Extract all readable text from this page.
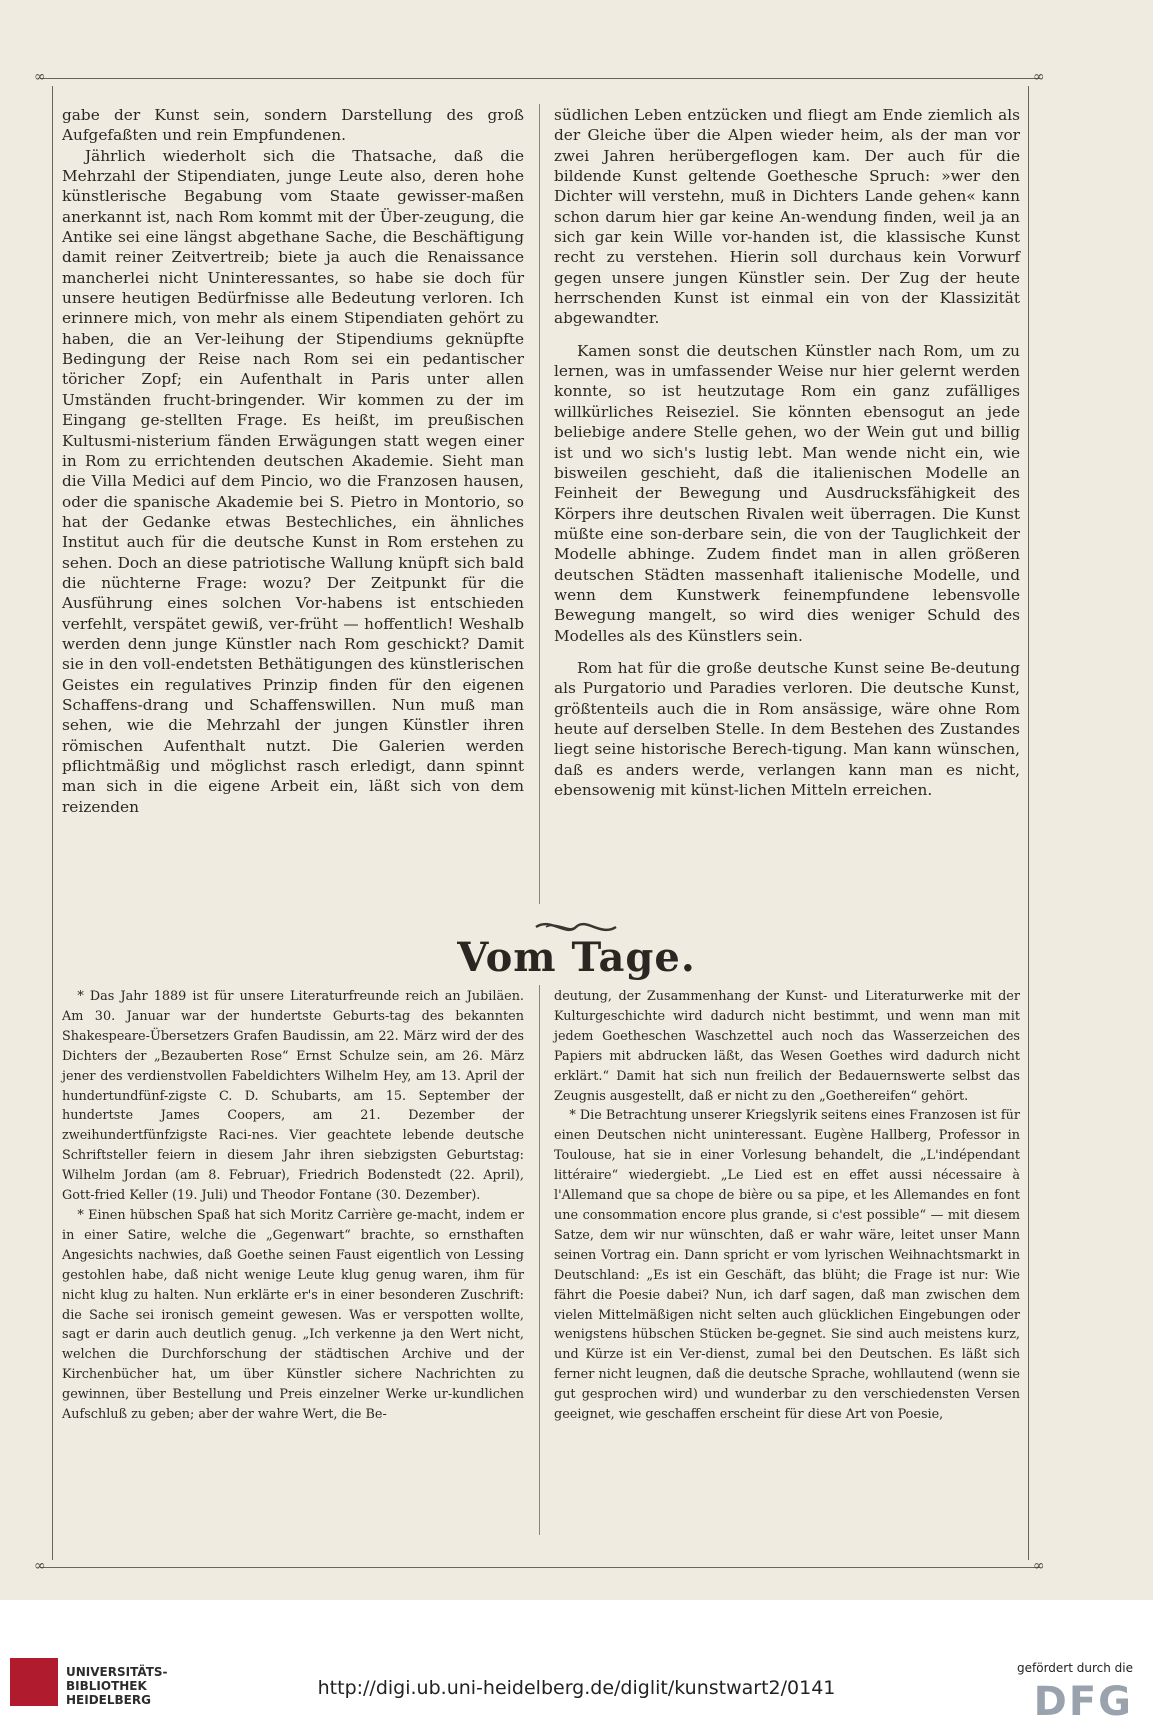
∞	∞
∞	∞

gabe der Kunst sein, sondern Darstellung des groß Aufgefaßten und rein Empfundenen.

Jährlich wiederholt sich die Thatsache, daß die Mehrzahl der Stipendiaten, junge Leute also, deren hohe künstlerische Begabung vom Staate gewisser-maßen anerkannt ist, nach Rom kommt mit der Über-zeugung, die Antike sei eine längst abgethane Sache, die Beschäftigung damit reiner Zeitvertreib; biete ja auch die Renaissance mancherlei nicht Uninteressantes, so habe sie doch für unsere heutigen Bedürfnisse alle Bedeutung verloren. Ich erinnere mich, von mehr als einem Stipendiaten gehört zu haben, die an Ver-leihung der Stipendiums geknüpfte Bedingung der Reise nach Rom sei ein pedantischer töricher Zopf; ein Aufenthalt in Paris unter allen Umständen frucht-bringender. Wir kommen zu der im Eingang ge-stellten Frage. Es heißt, im preußischen Kultusmi-nisterium fänden Erwägungen statt wegen einer in Rom zu errichtenden deutschen Akademie. Sieht man die Villa Medici auf dem Pincio, wo die Franzosen hausen, oder die spanische Akademie bei S. Pietro in Montorio, so hat der Gedanke etwas Bestechliches, ein ähnliches Institut auch für die deutsche Kunst in Rom erstehen zu sehen. Doch an diese patriotische Wallung knüpft sich bald die nüchterne Frage: wozu? Der Zeitpunkt für die Ausführung eines solchen Vor-habens ist entschieden verfehlt, verspätet gewiß, ver-früht — hoffentlich! Weshalb werden denn junge Künstler nach Rom geschickt? Damit sie in den voll-endetsten Bethätigungen des künstlerischen Geistes ein regulatives Prinzip finden für den eigenen Schaffens-drang und Schaffenswillen. Nun muß man sehen, wie die Mehrzahl der jungen Künstler ihren römischen Aufenthalt nutzt. Die Galerien werden pflichtmäßig und möglichst rasch erledigt, dann spinnt man sich in die eigene Arbeit ein, läßt sich von dem reizenden

südlichen Leben entzücken und fliegt am Ende ziemlich als der Gleiche über die Alpen wieder heim, als der man vor zwei Jahren herübergeflogen kam. Der auch für die bildende Kunst geltende Goethesche Spruch: »wer den Dichter will verstehn, muß in Dichters Lande gehen« kann schon darum hier gar keine An-wendung finden, weil ja an sich gar kein Wille vor-handen ist, die klassische Kunst recht zu verstehen. Hierin soll durchaus kein Vorwurf gegen unsere jungen Künstler sein. Der Zug der heute herrschenden Kunst ist einmal ein von der Klassizität abgewandter.

Kamen sonst die deutschen Künstler nach Rom, um zu lernen, was in umfassender Weise nur hier gelernt werden konnte, so ist heutzutage Rom ein ganz zufälliges willkürliches Reiseziel. Sie könnten ebensogut an jede beliebige andere Stelle gehen, wo der Wein gut und billig ist und wo sich's lustig lebt. Man wende nicht ein, wie bisweilen geschieht, daß die italienischen Modelle an Feinheit der Bewegung und Ausdrucksfähigkeit des Körpers ihre deutschen Rivalen weit überragen. Die Kunst müßte eine son-derbare sein, die von der Tauglichkeit der Modelle abhinge. Zudem findet man in allen größeren deutschen Städten massenhaft italienische Modelle, und wenn dem Kunstwerk feinempfundene lebensvolle Bewegung mangelt, so wird dies weniger Schuld des Modelles als des Künstlers sein.

Rom hat für die große deutsche Kunst seine Be-deutung als Purgatorio und Paradies verloren. Die deutsche Kunst, größtenteils auch die in Rom ansässige, wäre ohne Rom heute auf derselben Stelle. In dem Bestehen des Zustandes liegt seine historische Berech-tigung. Man kann wünschen, daß es anders werde, verlangen kann man es nicht, ebensowenig mit künst-lichen Mitteln erreichen.

Vom Tage.

* Das Jahr 1889 ist für unsere Literaturfreunde reich an Jubiläen. Am 30. Januar war der hundertste Geburts-tag des bekannten Shakespeare-Übersetzers Grafen Baudissin, am 22. März wird der des Dichters der „Bezauberten Rose“ Ernst Schulze sein, am 26. März jener des verdienstvollen Fabeldichters Wilhelm Hey, am 13. April der hundertundfünf-zigste C. D. Schubarts, am 15. September der hundertste James Coopers, am 21. Dezember der zweihundertfünfzigste Raci-nes. Vier geachtete lebende deutsche Schriftsteller feiern in diesem Jahr ihren siebzigsten Geburtstag: Wilhelm Jordan (am 8. Februar), Friedrich Bodenstedt (22. April), Gott-fried Keller (19. Juli) und Theodor Fontane (30. Dezember).

* Einen hübschen Spaß hat sich Moritz Carrière ge-macht, indem er in einer Satire, welche die „Gegenwart“ brachte, so ernsthaften Angesichts nachwies, daß Goethe seinen Faust eigentlich von Lessing gestohlen habe, daß nicht wenige Leute klug genug waren, ihm für nicht klug zu halten. Nun erklärte er's in einer besonderen Zuschrift: die Sache sei ironisch gemeint gewesen. Was er verspotten wollte, sagt er darin auch deutlich genug. „Ich verkenne ja den Wert nicht, welchen die Durchforschung der städtischen Archive und der Kirchenbücher hat, um über Künstler sichere Nachrichten zu gewinnen, über Bestellung und Preis einzelner Werke ur-kundlichen Aufschluß zu geben; aber der wahre Wert, die Be-

deutung, der Zusammenhang der Kunst- und Literaturwerke mit der Kulturgeschichte wird dadurch nicht bestimmt, und wenn man mit jedem Goetheschen Waschzettel auch noch das Wasserzeichen des Papiers mit abdrucken läßt, das Wesen Goethes wird dadurch nicht erklärt.“ Damit hat sich nun freilich der Bedauernswerte selbst das Zeugnis ausgestellt, daß er nicht zu den „Goethereifen“ gehört.

* Die Betrachtung unserer Kriegslyrik seitens eines Franzosen ist für einen Deutschen nicht uninteressant. Eugène Hallberg, Professor in Toulouse, hat sie in einer Vorlesung behandelt, die „L'indépendant littéraire“ wiedergiebt. „Le Lied est en effet aussi nécessaire à l'Allemand que sa chope de bière ou sa pipe, et les Allemandes en font une consommation encore plus grande, si c'est possible“ — mit diesem Satze, dem wir nur wünschten, daß er wahr wäre, leitet unser Mann seinen Vortrag ein. Dann spricht er vom lyrischen Weihnachtsmarkt in Deutschland: „Es ist ein Geschäft, das blüht; die Frage ist nur: Wie fährt die Poesie dabei? Nun, ich darf sagen, daß man zwischen dem vielen Mittelmäßigen nicht selten auch glücklichen Eingebungen oder wenigstens hübschen Stücken be-gegnet. Sie sind auch meistens kurz, und Kürze ist ein Ver-dienst, zumal bei den Deutschen. Es läßt sich ferner nicht leugnen, daß die deutsche Sprache, wohllautend (wenn sie gut gesprochen wird) und wunderbar zu den verschiedensten Versen geeignet, wie geschaffen erscheint für diese Art von Poesie,

UNIVERSITÄTS-
BIBLIOTHEK
HEIDELBERG
http://digi.ub.uni-heidelberg.de/diglit/kunstwart2/0141
gefördert durch die
DFG
